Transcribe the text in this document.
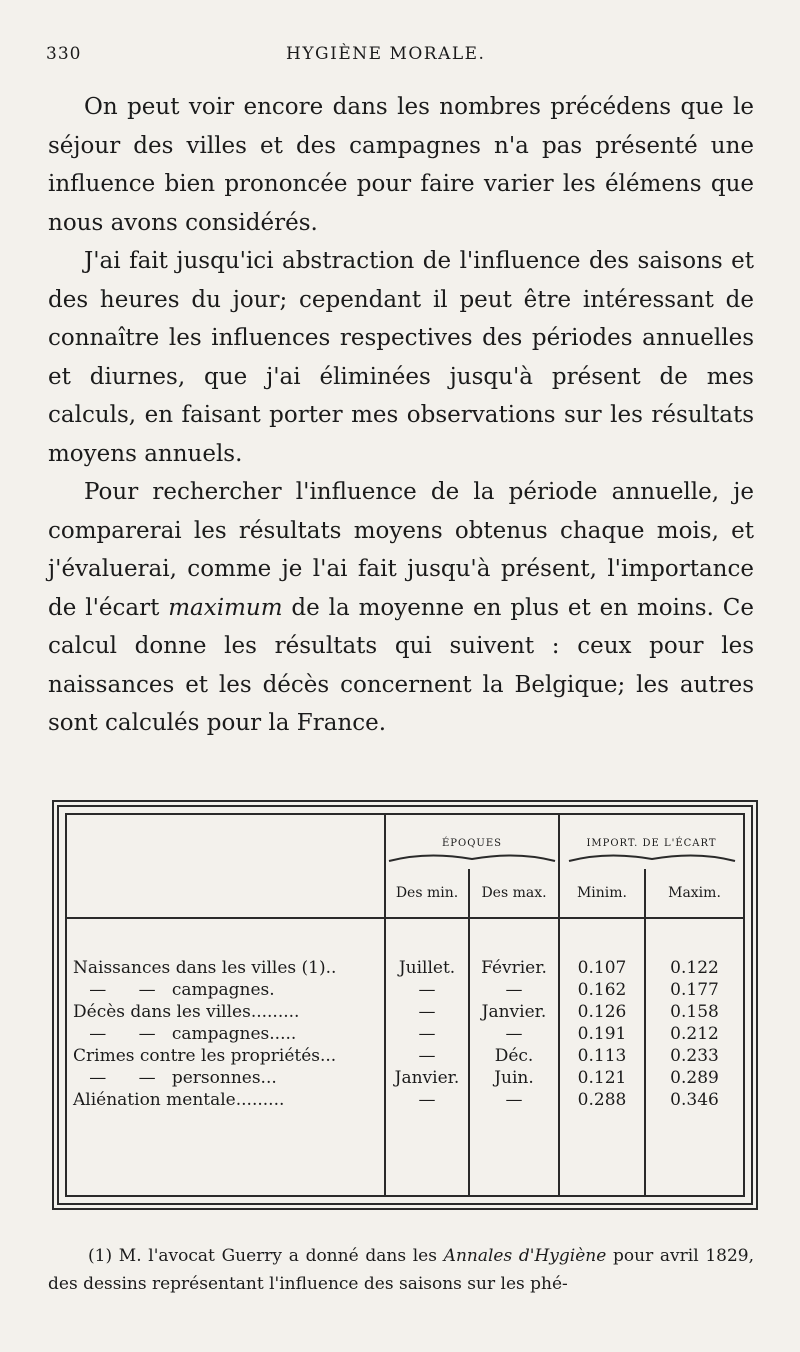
330	HYGIÈNE MORALE.

On peut voir encore dans les nombres précédens que le séjour des villes et des campagnes n'a pas présenté une influence bien prononcée pour faire varier les élémens que nous avons considérés.

J'ai fait jusqu'ici abstraction de l'influence des saisons et des heures du jour; cependant il peut être intéressant de connaître les influences respectives des périodes annuelles et diurnes, que j'ai éliminées jusqu'à présent de mes calculs, en faisant porter mes observations sur les résultats moyens annuels.

Pour rechercher l'influence de la période annuelle, je comparerai les résultats moyens obtenus chaque mois, et j'évaluerai, comme je l'ai fait jusqu'à présent, l'importance de l'écart maximum de la moyenne en plus et en moins. Ce calcul donne les résultats qui suivent : ceux pour les naissances et les décès concernent la Belgique; les autres sont calculés pour la France.

	ÉPOQUES		IMPORT. DE L'ÉCART	

	Des min.	Des max.	Minim.	Maxim.

Naissances dans les villes (1)..	Juillet.	Février.	0.107	0.122
—      —   campagnes.	—	—	0.162	0.177
Décès dans les villes.........	—	Janvier.	0.126	0.158
—      —   campagnes.....	—	—	0.191	0.212
Crimes contre les propriétés...	—	Déc.	0.113	0.233
—      —   personnes...	Janvier.	Juin.	0.121	0.289
Aliénation mentale.........	—	—	0.288	0.346

(1) M. l'avocat Guerry a donné dans les Annales d'Hygiène pour avril 1829, des dessins représentant l'influence des saisons sur les phé-
